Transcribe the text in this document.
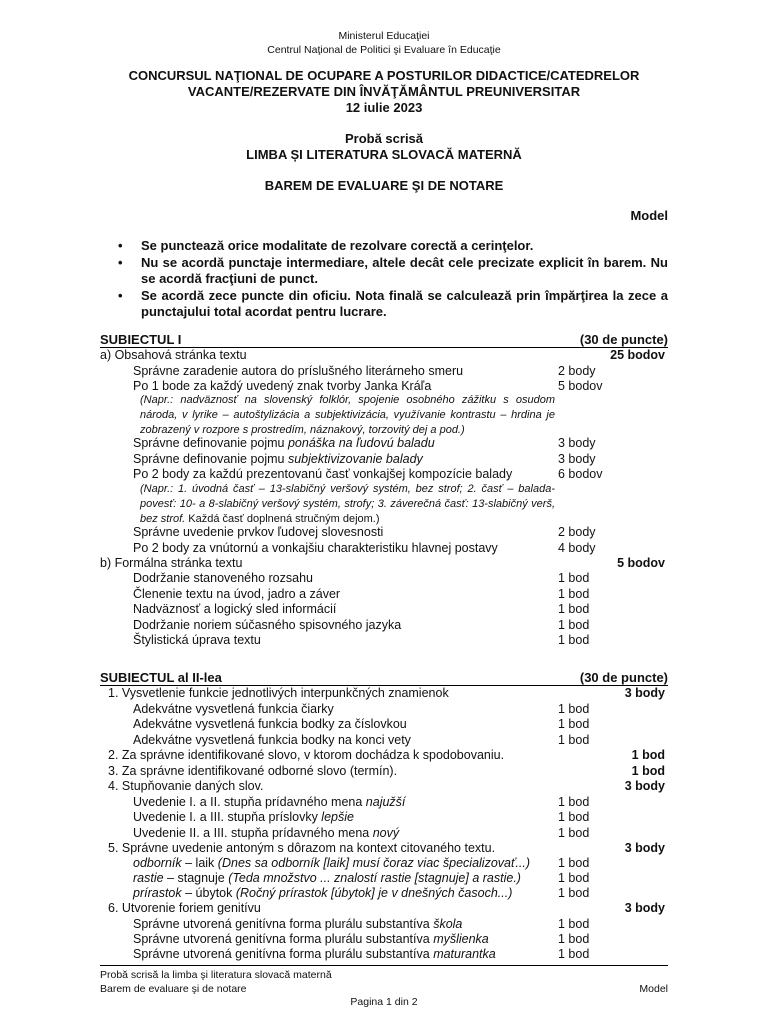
Ministerul Educaţiei
Centrul Naţional de Politici şi Evaluare în Educaţie
CONCURSUL NAŢIONAL DE OCUPARE A POSTURILOR DIDACTICE/CATEDRELOR
VACANTE/REZERVATE DIN ÎNVĂŢĂMÂNTUL PREUNIVERSITAR
12 iulie 2023
Probă scrisă
LIMBA ȘI LITERATURA SLOVACĂ MATERNĂ
BAREM DE EVALUARE ŞI DE NOTARE
Model
• Se punctează orice modalitate de rezolvare corectă a cerinţelor.
• Nu se acordă punctaje intermediare, altele decât cele precizate explicit în barem. Nu se acordă fracţiuni de punct.
• Se acordă zece puncte din oficiu. Nota finală se calculează prin împărţirea la zece a punctajului total acordat pentru lucrare.
SUBIECTUL I	(30 de puncte)
a) Obsahová stránka textu	25 bodov
Správne zaradenie autora do príslušného literárneho smeru	2 body
Po 1 bode za každý uvedený znak tvorby Janka Kráľa	5 bodov
(Napr.: nadväznosť na slovenský folklór, spojenie osobného zážitku s osudom národa, v lyrike – autoštylizácia a subjektivizácia, využívanie kontrastu – hrdina je zobrazený v rozpore s prostredím, náznakový, torzovitý dej a pod.)
Správne definovanie pojmu ponáška na ľudovú baladu	3 body
Správne definovanie pojmu subjektivizovanie balady	3 body
Po 2 body za každú prezentovanú časť vonkajšej kompozície balady	6 bodov
(Napr.: 1. úvodná časť – 13-slabičný veršový systém, bez strof; 2. časť – balada-povesť: 10- a 8-slabičný veršový systém, strofy; 3. záverečná časť: 13-slabičný verš, bez strof. Každá časť doplnená stručným dejom.)
Správne uvedenie prvkov ľudovej slovesnosti	2 body
Po 2 body za vnútornú a vonkajšiu charakteristiku hlavnej postavy	4 body
b) Formálna stránka textu	5 bodov
Dodržanie stanoveného rozsahu	1 bod
Členenie textu na úvod, jadro a záver	1 bod
Nadväznosť a logický sled informácií	1 bod
Dodržanie noriem súčasného spisovného jazyka	1 bod
Štylistická úprava textu	1 bod
SUBIECTUL al II-lea	(30 de puncte)
1. Vysvetlenie funkcie jednotlivých interpunkčných znamienok	3 body
Adekvátne vysvetlená funkcia čiarky	1 bod
Adekvátne vysvetlená funkcia bodky za číslovkou	1 bod
Adekvátne vysvetlená funkcia bodky na konci vety	1 bod
2. Za správne identifikované slovo, v ktorom dochádza k spodobovaniu.	1 bod
3. Za správne identifikované odborné slovo (termín).	1 bod
4. Stupňovanie daných slov.	3 body
Uvedenie I. a II. stupňa prídavného mena najužší	1 bod
Uvedenie I. a III. stupňa príslovky lepšie	1 bod
Uvedenie II. a III. stupňa prídavného mena nový	1 bod
5. Správne uvedenie antoným s dôrazom na kontext citovaného textu.	3 body
odborník – laik (Dnes sa odborník [laik] musí čoraz viac špecializovať...) 1 bod
rastie – stagnuje (Teda množstvo ... znalostí rastie [stagnuje] a rastie.)	1 bod
prírastok – úbytok (Ročný prírastok [úbytok] je v dnešných časoch...)	1 bod
6. Utvorenie foriem genitívu	3 body
Správne utvorená genitívna forma plurálu substantíva škola	1 bod
Správne utvorená genitívna forma plurálu substantíva myšlienka	1 bod
Správne utvorená genitívna forma plurálu substantíva maturantka	1 bod
Probă scrisă la limba şi literatura slovacă maternă
Barem de evaluare şi de notare	Model
Pagina 1 din 2
